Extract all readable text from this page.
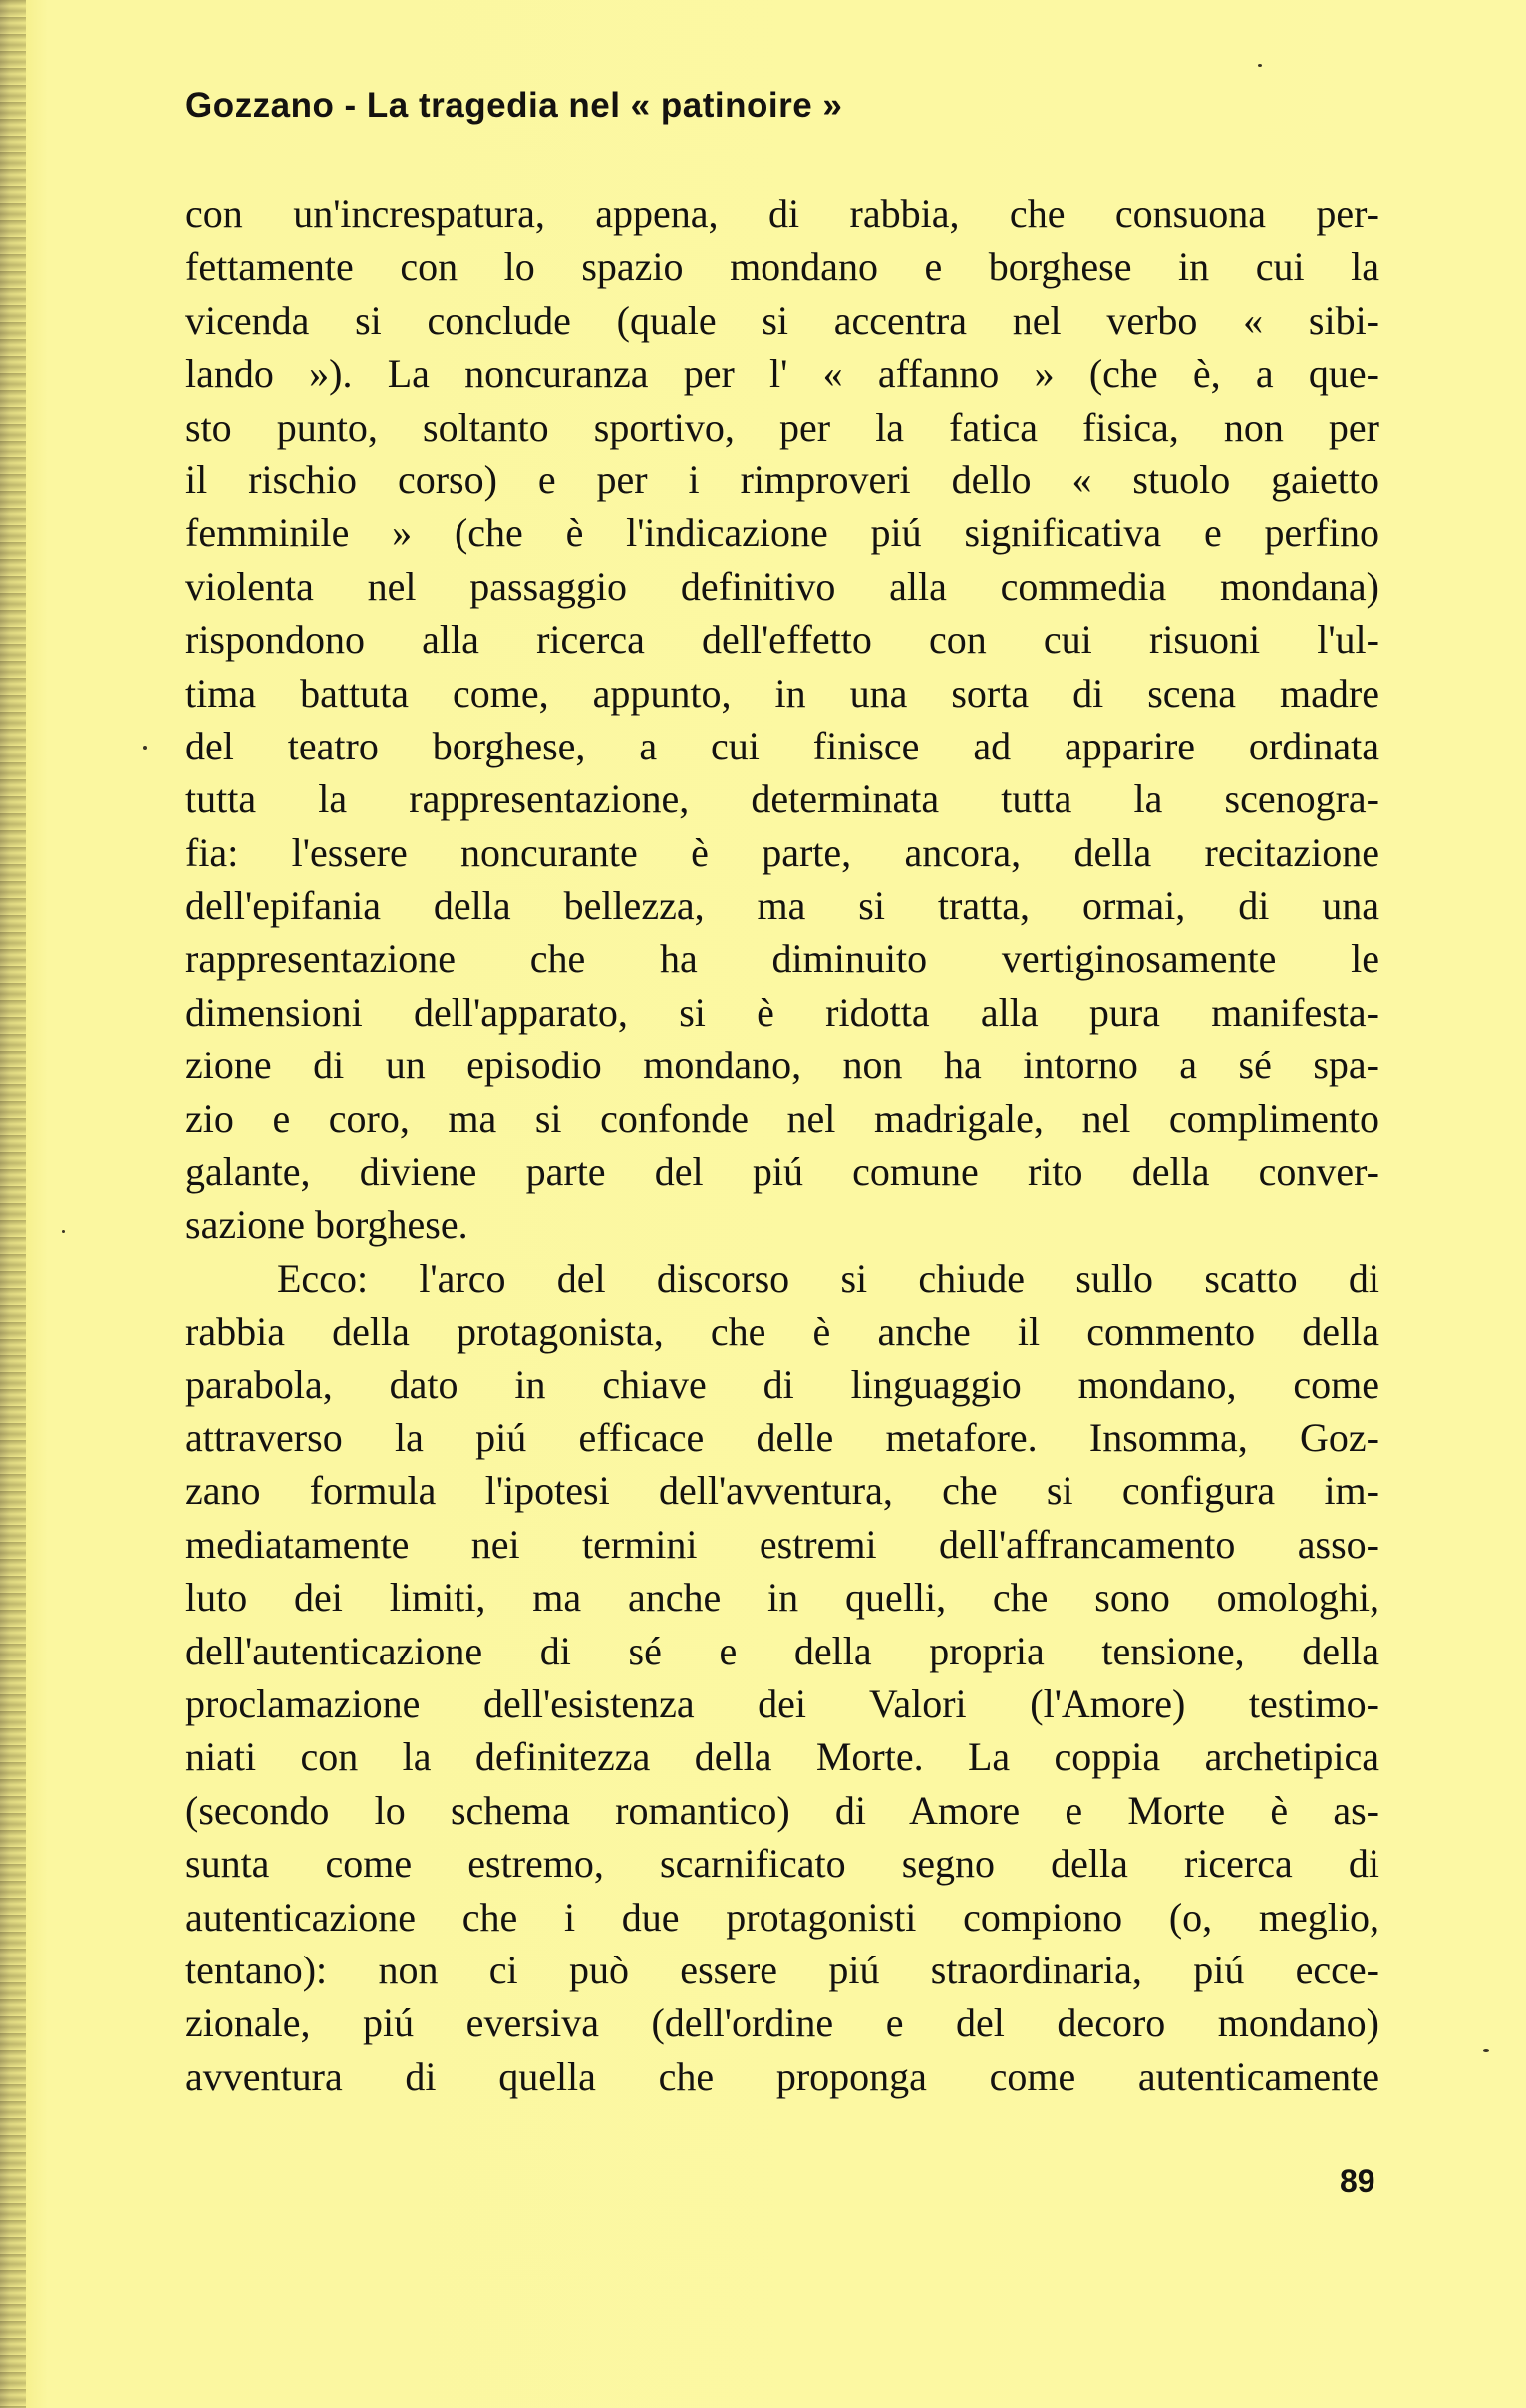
Gozzano - La tragedia nel « patinoire »
con un'increspatura, appena, di rabbia, che consuona per-
fettamente con lo spazio mondano e borghese in cui la
vicenda si conclude (quale si accentra nel verbo « sibi-
lando »). La noncuranza per l' « affanno » (che è, a que-
sto punto, soltanto sportivo, per la fatica fisica, non per
il rischio corso) e per i rimproveri dello « stuolo gaietto
femminile » (che è l'indicazione piú significativa e perfino
violenta nel passaggio definitivo alla commedia mondana)
rispondono alla ricerca dell'effetto con cui risuoni l'ul-
tima battuta come, appunto, in una sorta di scena madre
del teatro borghese, a cui finisce ad apparire ordinata
tutta la rappresentazione, determinata tutta la scenogra-
fia: l'essere noncurante è parte, ancora, della recitazione
dell'epifania della bellezza, ma si tratta, ormai, di una
rappresentazione che ha diminuito vertiginosamente le
dimensioni dell'apparato, si è ridotta alla pura manifesta-
zione di un episodio mondano, non ha intorno a sé spa-
zio e coro, ma si confonde nel madrigale, nel complimento
galante, diviene parte del piú comune rito della conver-
sazione borghese.
Ecco: l'arco del discorso si chiude sullo scatto di
rabbia della protagonista, che è anche il commento della
parabola, dato in chiave di linguaggio mondano, come
attraverso la piú efficace delle metafore. Insomma, Goz-
zano formula l'ipotesi dell'avventura, che si configura im-
mediatamente nei termini estremi dell'affrancamento asso-
luto dei limiti, ma anche in quelli, che sono omologhi,
dell'autenticazione di sé e della propria tensione, della
proclamazione dell'esistenza dei Valori (l'Amore) testimo-
niati con la definitezza della Morte. La coppia archetipica
(secondo lo schema romantico) di Amore e Morte è as-
sunta come estremo, scarnificato segno della ricerca di
autenticazione che i due protagonisti compiono (o, meglio,
tentano): non ci può essere piú straordinaria, piú ecce-
zionale, piú eversiva (dell'ordine e del decoro mondano)
avventura di quella che proponga come autenticamente
89
